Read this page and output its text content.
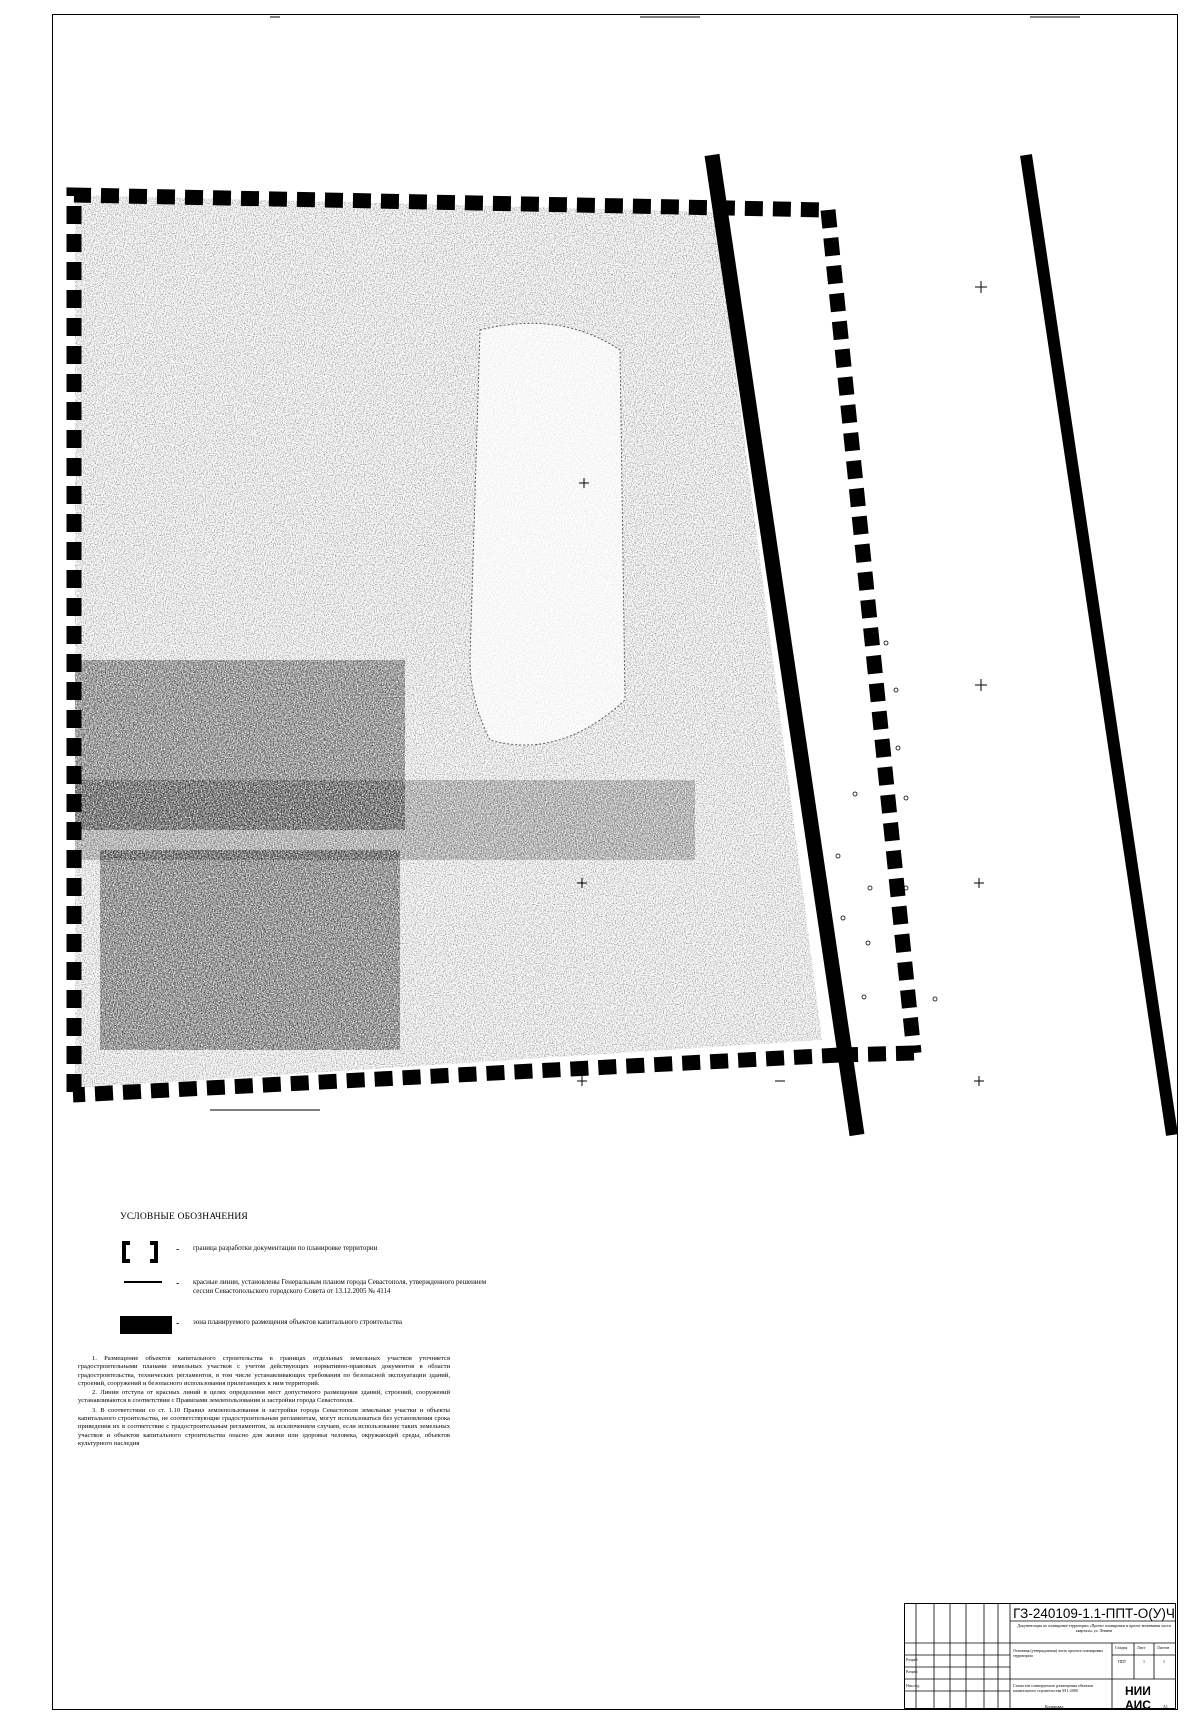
УСЛОВНЫЕ ОБОЗНАЧЕНИЯ
- граница разработки документации по планировке территории
- красные линии, установлены Генеральным планом города Севастополя, утвержденного решением сессии Севастопольского городского Совета от 13.12.2005 № 4114
- зона планируемого размещения объектов капитального строительства

1. Размещение объектов капитального строительства в границах отдельных земельных участков уточняется градостроительными планами земельных участков с учетом действующих нормативно-правовых документов в области градостроительства, технических регламентов, в том числе устанавливающих требования по безопасной эксплуатации зданий, строений, сооружений и безопасного использования прилегающих к ним территорий.

2. Линии отступа от красных линий в целях определения мест допустимого размещения зданий, строений, сооружений устанавливаются в соответствии с Правилами землепользования и застройки города Севастополя.

3. В соответствии со ст. 1.10 Правил землепользования и застройки города Севастополя земельные участки и объекты капитального строительства, не соответствующие градостроительным регламентам, могут использоваться без установления срока приведения их в соответствие с градостроительным регламентом, за исключением случаев, если использование таких земельных участков и объектов капитального строительства опасно для жизни или здоровья человека, окружающей среды, объектов культурного наследия

ГЗ-240109-1.1-ППТ-О(У)Ч
Документация по планировке территории «Проект планировки и проект межевания части квартала» ул. Ленина
Основная (утверждаемая) часть проекта планировки территории
Схема зон планируемого размещения объектов капитального строительства М 1:2000
Стадия Лист	Листов
ППТ	1	1
Разраб.
Разраб.
Нач.отд.	НИИ АИС
Копировал	A1
